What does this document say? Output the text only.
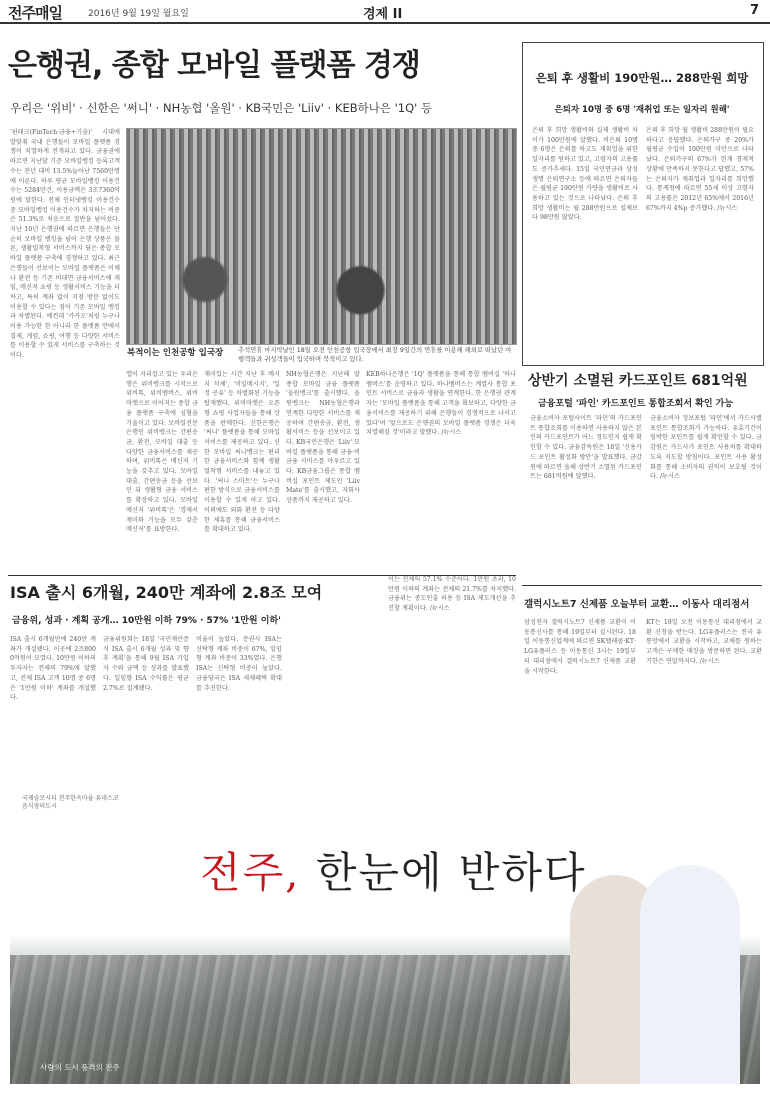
전주매일	2016년 9월 19일 월요일	경제 II	7
은행권, 종합 모바일 플랫폼 경쟁
우리은 '위비' · 신한은 '써니' · NH농협 '올원' · KB국민은 'Liiv' · KEB하나은 '1Q' 등
'핀테크(FinTech·금융+기술)' 시대에 발맞춰 국내 은행들이 모바일 플랫폼 경쟁이 치열하게 전개되고 있다. 금융권에 따르면 지난달 기준 모바일뱅킹 등록고객 수는 전년 대비 13.5%늘어난 7560만명에 이른다. 하루 평균 모바일뱅킹 이용건수는 5284만건, 이용금액은 3조7360억원에 달한다. 전체 인터넷뱅킹 이용건수 중 모바일뱅킹 이용건수가 차지하는 비중은 51.3%로 처음으로 절반을 넘어섰다. 지난 10년 은행권에 따르면 은행들은 단순히 모바일 뱅킹을 넘어 은행 상품은 물론, 생활밀착형 서비스까지 담은 종합 모바일 플랫폼 구축에 경쟁하고 있다. 최근 은행들이 선보이는 모바일 플랫폼은 이체나 환전 등 기존 비대면 금융서비스에 게임, 메신저 쇼핑 등 생활서비스 기능을 더하고, 특히 계좌 없이 지점 방문 없이도 이용할 수 있다는 점이 기존 모바일 뱅킹과 차별된다. 예컨대 '카카오'처럼 누구나 이용 가능한 한 아니라 한 플랫폼 안에서 결제, 게임, 쇼핑, 여행 등 다양한 서비스를 이용할 수 있게 서비스를 구축하는 것이다.	북적이는 인천공항 입국장 추석연휴 마지막날인 18일 오전 인천공항 입국장에서 최장 9일간의 연휴를 이용해 해외로 떠났던 여행객들과 귀성객들이 입국하며 북적이고 있다.
앱이 자리잡고 있는 우리은행은 위비뱅크를 시작으로 위비톡, 위비멤버스, 위비마켓으로 이어지는 종합 금융 플랫폼 구축에 심혈을 기울이고 있다. 모바일전문은행인 위비뱅크는 간편송금, 환전, 모바일 대출 등 다양한 금융서비스를 제공하며, 위비톡은 메신저 기능을 갖추고 있다. 모바일 대출, 간편송금 등을 선보인 뒤 생활형 금융 서비스를 확장하고 있다. 모바일 메신저 '위비톡'은 '경제서 재미와 기능을 모두 갖춘 메신저'를 표방한다.
재미있는 시간 지난 후 메시지 삭제', '비밀메시지', '일정 공유' 등 차별화된 기능을 탑재했다. 위비마켓은 오픈형 쇼핑 사업자들을 통해 상품을 판매한다. 신한은행은 '써니' 플랫폼을 통해 모바일 서비스를 제공하고 있다. 신한 모바일 써니뱅크는 편리한 금융서비스와 함께 생활밀착형 서비스를 내놓고 있다. '써니 스마트'는 누구나 편한 방식으로 금융서비스를 이용할 수 있게 하고 있다. 이외에도 외화 환전 등 다양한 제휴를 통해 금융서비스를 확대하고 있다.
NH농협은행은 지난해 말 종합 모바일 금융 플랫폼 '올원뱅크'를 출시했다. 올원뱅크는 NH농협은행과 연계한 다양한 서비스를 제공하며 간편송금, 환전, 생활서비스 등을 선보이고 있다. KB국민은행은 'Liiv' 모바일 플랫폼을 통해 금융·비금융 서비스를 아우르고 있다. KB금융그룹은 통합 멤버십 포인트 제도인 'Liiv Mate'를 출시했고, 자회사 상품까지 제공하고 있다.
KEB하나은행은 '1Q' 플랫폼을 통해 통합 멤버십 '하나멤버스'를 운영하고 있다. 하나멤버스는 계열사 통합 포인트 서비스로 금융과 생활을 연계한다. 한 은행권 관계자는 '모바일 플랫폼을 통해 고객을 확보하고, 다양한 금융서비스를 제공하기 위해 은행들이 경쟁적으로 나서고 있다'며 '앞으로도 은행권의 모바일 플랫폼 경쟁은 더욱 치열해질 것'이라고 말했다. /뉴시스
은퇴 후 생활비 190만원… 288만원 희망
은퇴자 10명 중 6명 '재취업 또는 일자리 원해'
은퇴 후 희망 생활비와 실제 생활비 차이가 100만원에 달했다. 비은퇴 10명 중 6명은 은퇴를 하고도 재취업을 위한 일자리를 원하고 있고, 고령자의 고용률도 증가추세다. 15일 국민연금과 삼성생명 은퇴연구소 등에 따르면 은퇴자들은 월평균 190만원 가량을 생활비로 사용하고 있는 것으로 나타났다. 은퇴 후 희망 생활비는 월 288만원으로 실제보다 98만원 많았다.
은퇴 후 희망 월 생활비 288만원이 필요하다고 응답했다. 은퇴가구 중 20%가 월평균 수입이 100만원 미만으로 나타났다. 은퇴가구의 67%가 현재 경제적 상황에 만족하지 못한다고 답했고, 57%는 은퇴자가 재취업과 일자리를 희망했다. 통계청에 따르면 55세 이상 고령자의 고용률은 2012년 65%에서 2016년 67%까지 4%p 증가했다. /뉴시스
상반기 소멸된 카드포인트 681억원
금융포털 '파인' 카드포인트 통합조회서 확인 가능
금융소비자 포털사이트 '파인'의 카드포인트 통합조회를 이용하면 사용하지 않은 본인의 카드포인트가 어느 정도인지 쉽게 확인할 수 있다. 금융감독원은 18일 '신용카드 포인트 활성화 방안'을 발표했다. 금감원에 따르면 올해 상반기 소멸된 카드포인트는 681억원에 달했다.
금융소비자 정보포털 '파인'에서 카드사별 포인트 통합조회가 가능하다. 유효기간이 임박한 포인트를 쉽게 확인할 수 있다. 금감원은 카드사가 포인트 사용처를 확대하도록 지도할 방침이다. 포인트 사용 활성화를 통해 소비자의 권익이 보호될 것이다. /뉴시스
ISA 출시 6개월, 240만 계좌에 2.8조 모여
금융위, 성과 · 계획 공개… 10만원 이하 79% · 57% '1만원 이하'
ISA 출시 6개월만에 240만 계좌가 개설됐다. 이곳에 2조8000억원이 모였다. 10만원 이하의 투자자는 전체의 79%에 달했고, 전체 ISA 고객 10명 중 6명은 '1만원 이하' 계좌를 개설했다.
금융위원회는 18일 '국민재산증식 ISA 출시 6개월 성과 및 향후 계획'을 통해 9월 ISA 가입자 수와 금액 등 성과를 발표했다. 일임형 ISA 수익률은 평균 2.7%로 집계됐다.
비율이 높았다. 증권사 ISA는 신탁형 계좌 비중이 67%, 일임형 계좌 비중이 33%였다. 은행 ISA는 신탁형 비중이 높았다. 금융당국은 ISA 세제혜택 확대를 추진한다.
이는 전체의 57.1% 수준이다. 1만원 초과, 10만원 이하의 계좌는 전체의 21.7%를 차지했다. 금융위는 중도인출 허용 등 ISA 제도개선을 추진할 계획이다. /뉴시스	갤럭시노트7 신제품 오늘부터 교환… 이동사 대리점서
삼성전자 갤럭시노트7 신제품 교환이 이동통신사를 통해 19일부터 실시된다. 18일 이동통신업계에 따르면 SK텔레콤·KT·LG유플러스 등 이동통신 3사는 19일부터 대리점에서 갤럭시노트7 신제품 교환을 시작한다.
KT는 19일 오전 이동통신 대리점에서 교환 신청을 받는다. LG유플러스는 전국 유통망에서 교환을 시작하고, 교체를 원하는 고객은 구매한 매장을 방문하면 된다. 교환 기한은 연말까지다. /뉴시스
국제슬로시티 전주한옥마을 유네스코 음식창의도시
전주, 한눈에 반하다
사람의 도시 품격의 전주
